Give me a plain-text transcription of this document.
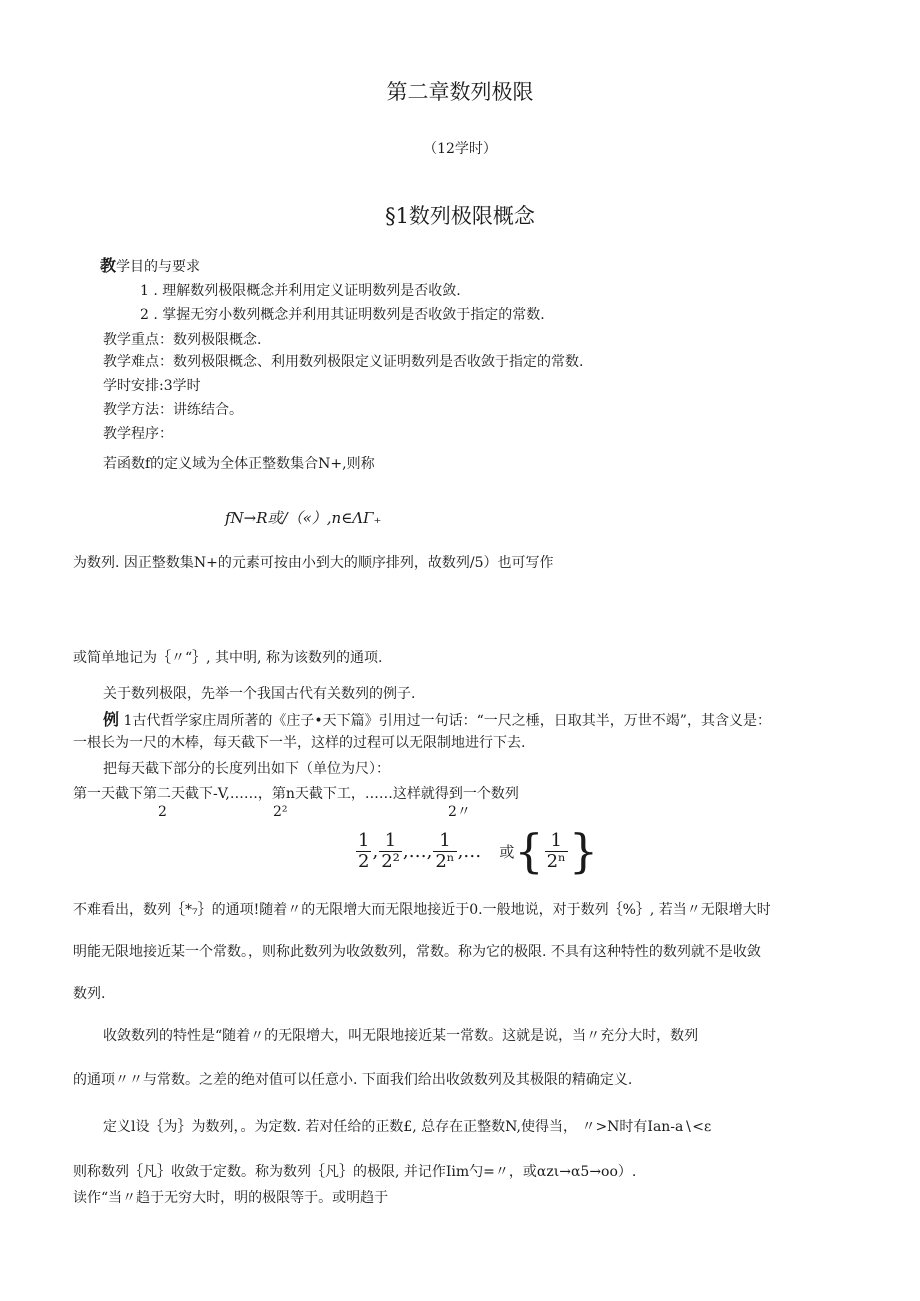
第二章数列极限
（12学时）
§1数列极限概念
教学目的与要求
1 . 理解数列极限概念并利用定义证明数列是否收敛.
2 . 掌握无穷小数列概念并利用其证明数列是否收敛于指定的常数.
教学重点：数列极限概念.
教学难点：数列极限概念、利用数列极限定义证明数列是否收敛于指定的常数.
学时安排:3学时
教学方法：讲练结合。
教学程序：
若函数f的定义域为全体正整数集合N+,则称
fN→R或/（«）,n∈ΛΓ₊
为数列. 因正整数集N+的元素可按由小到大的顺序排列，故数列/5）也可写作
或简单地记为｛〃“｝, 其中明, 称为该数列的通项.
关于数列极限，先举一个我国古代有关数列的例子.
例 1古代哲学家庄周所著的《庄子•天下篇》引用过一句话：“一尺之棰，日取其半，万世不竭”，其含义是：
一根长为一尺的木棒，每天截下一半，这样的过程可以无限制地进行下去.
把每天截下部分的长度列出如下（单位为尺）：
第一天截下第二天截下-V,……，第n天截下工，……这样就得到一个数列
2	2²	2〃
$\frac{1}{2}$ , $\frac{1}{\text{2²}}$ , …, $\frac{1}{\text{2ⁿ}}$ ,… 或 { $\frac{1}{\text{2ⁿ}}$ }
不难看出，数列｛*₇｝的通项!随着〃的无限增大而无限地接近于0.一般地说，对于数列｛%｝, 若当〃无限增大时
明能无限地接近某一个常数。，则称此数列为收敛数列，常数。称为它的极限. 不具有这种特性的数列就不是收敛
数列.
收敛数列的特性是“随着〃的无限增大，叫无限地接近某一常数。这就是说，当〃充分大时，数列
的通项〃〃与常数。之差的绝对值可以任意小. 下面我们给出收敛数列及其极限的精确定义.
定义l设｛为｝为数列，。为定数. 若对任给的正数£, 总存在正整数N,使得当， 〃>N时有Ian-a∖<ε
则称数列｛凡｝收敛于定数。称为数列｛凡｝的极限, 并记作Iim勺=〃，或αzι→α5→oo）.
读作“当〃趋于无穷大时，明的极限等于。或明趋于
